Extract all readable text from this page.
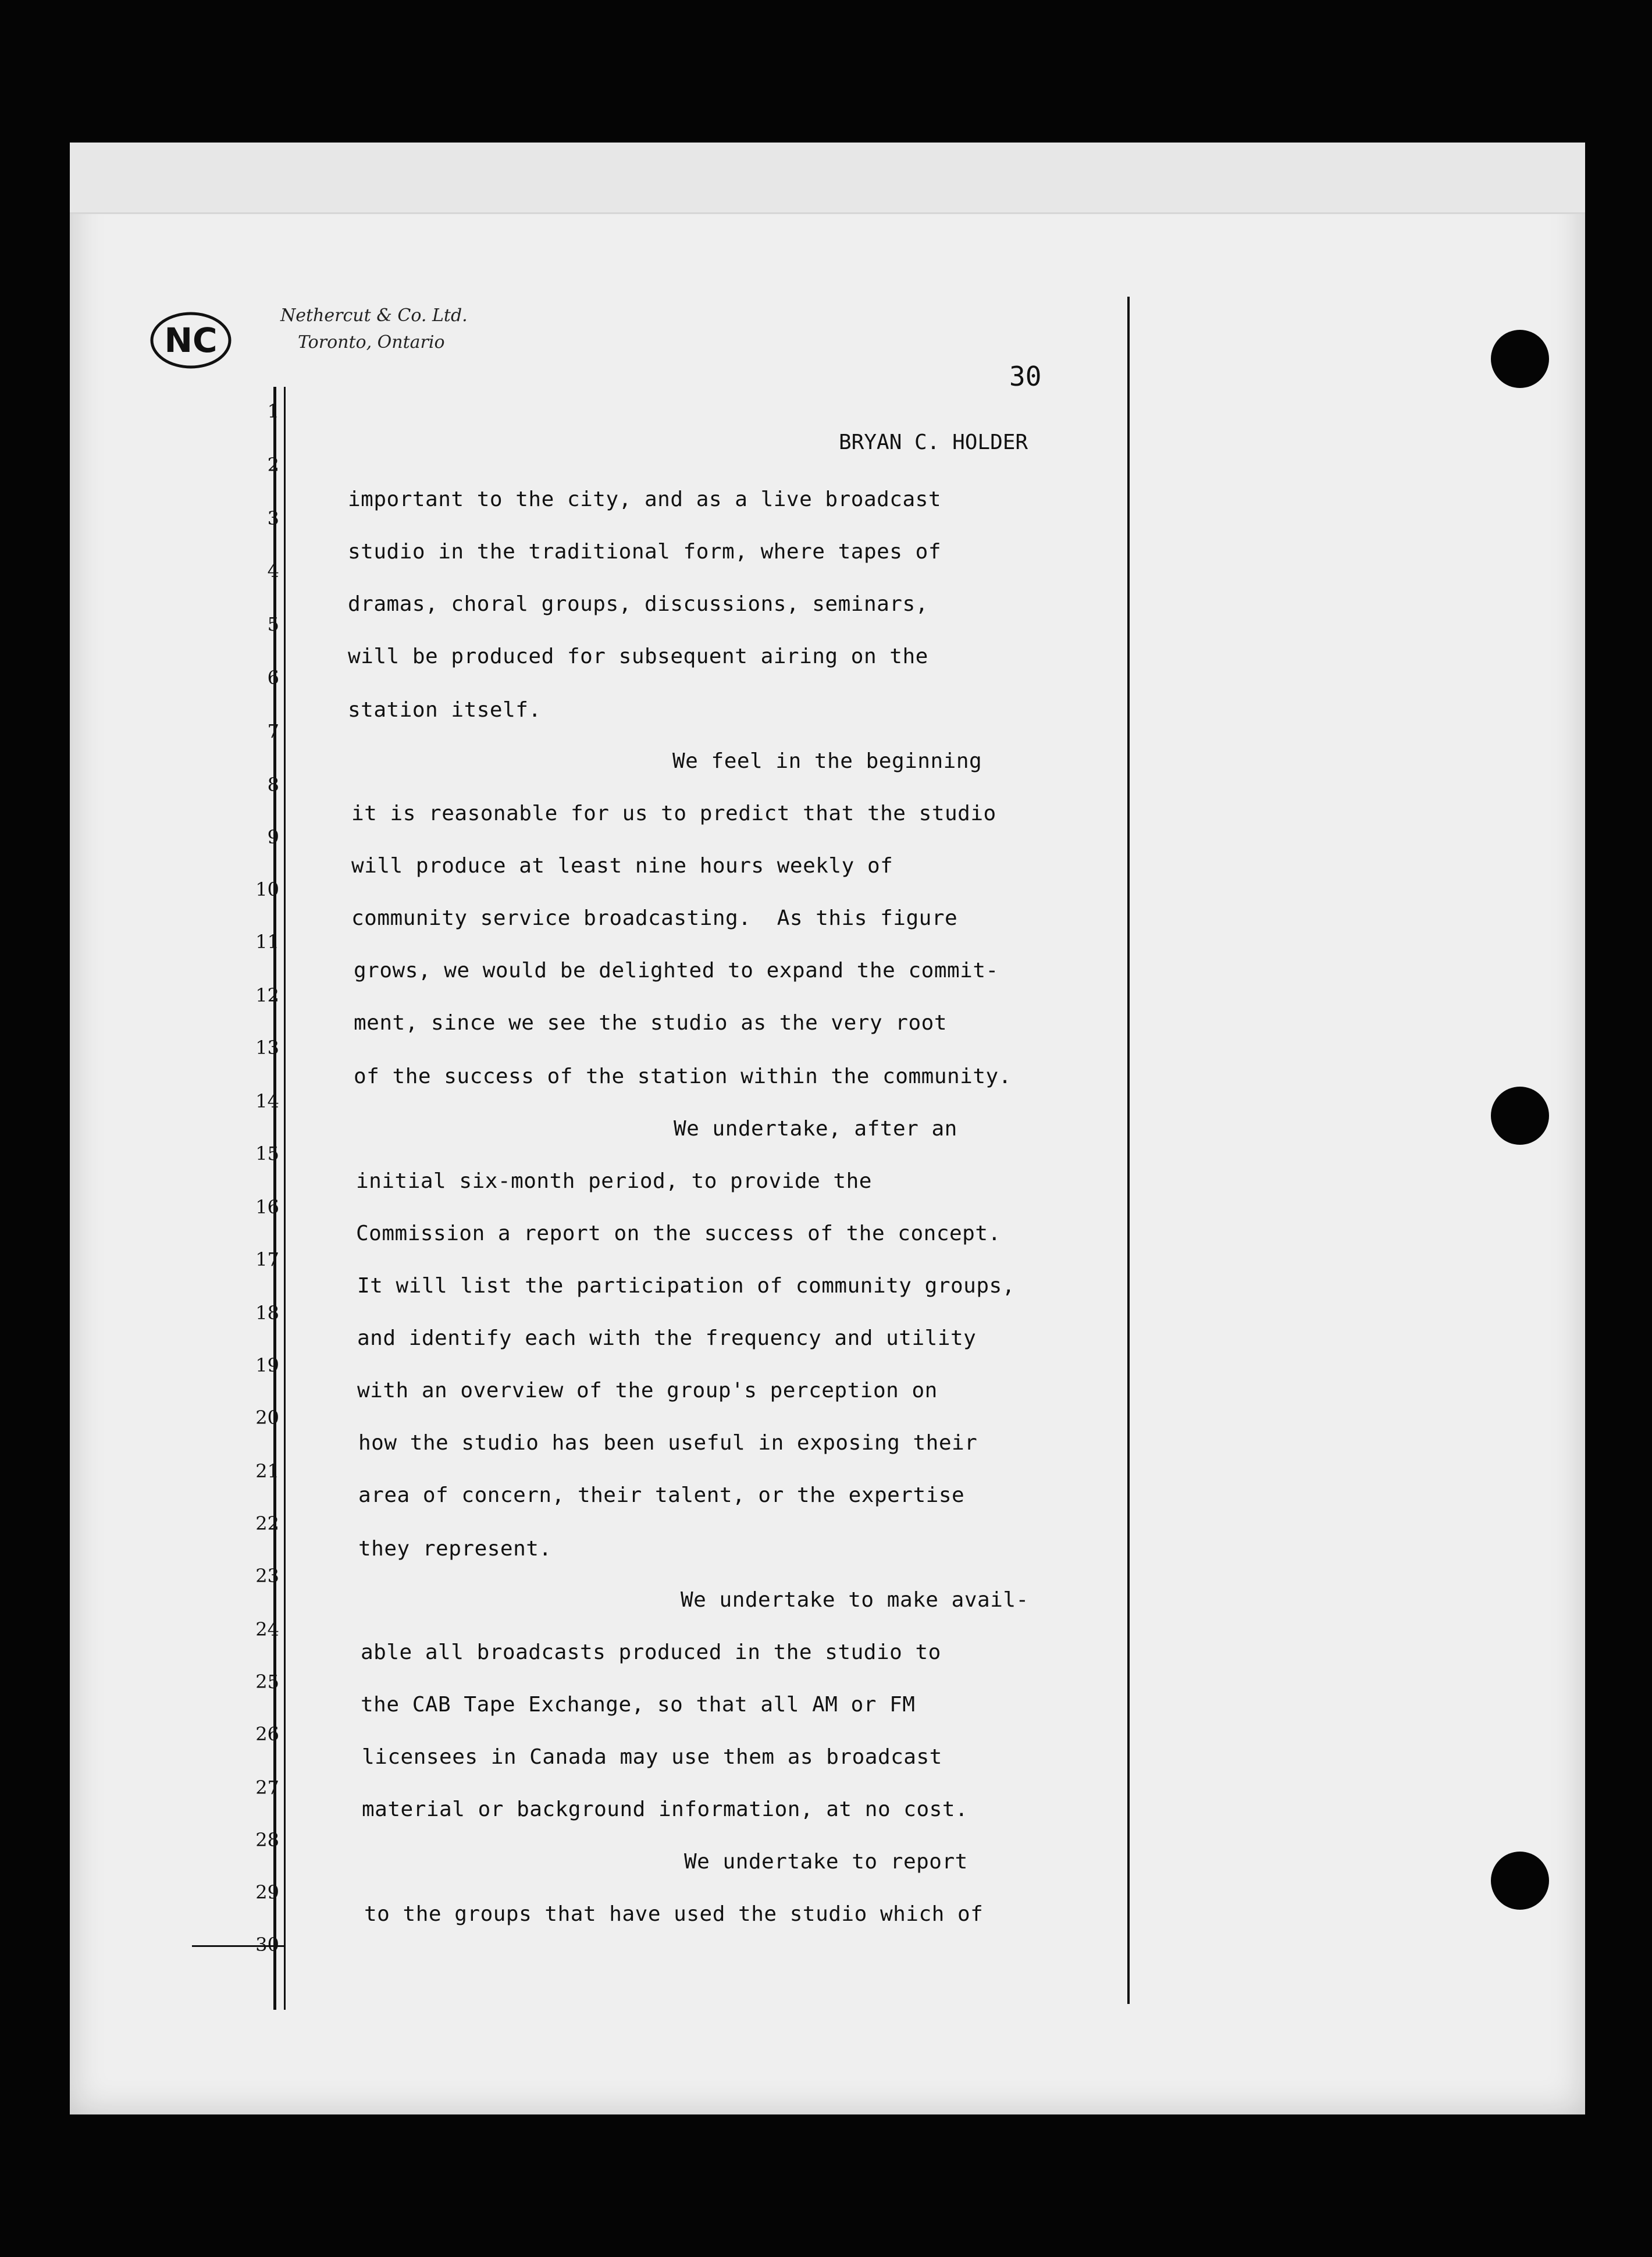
NC
Nethercut & Co. Ltd.
Toronto, Ontario
30
BRYAN C. HOLDER
1
2
3
4
5
6
7
8
9
10
11
12
13
14
15
16
17
18
19
20
21
22
23
24
25
26
27
28
29
30
important to the city, and as a live broadcast
studio in the traditional form, where tapes of
dramas, choral groups, discussions, seminars,
will be produced for subsequent airing on the
station itself.
We feel in the beginning
it is reasonable for us to predict that the studio
will produce at least nine hours weekly of
community service broadcasting.  As this figure
grows, we would be delighted to expand the commit-
ment, since we see the studio as the very root
of the success of the station within the community.
We undertake, after an
initial six-month period, to provide the
Commission a report on the success of the concept.
It will list the participation of community groups,
and identify each with the frequency and utility
with an overview of the group's perception on
how the studio has been useful in exposing their
area of concern, their talent, or the expertise
they represent.
We undertake to make avail-
able all broadcasts produced in the studio to
the CAB Tape Exchange, so that all AM or FM
licensees in Canada may use them as broadcast
material or background information, at no cost.
We undertake to report
to the groups that have used the studio which of
